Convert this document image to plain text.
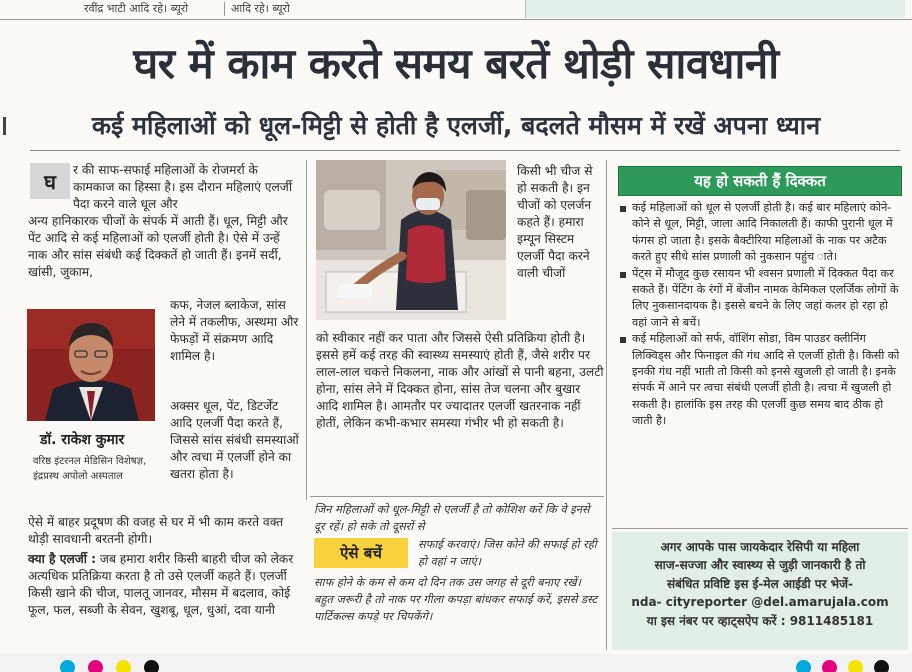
रवींद्र भाटी आदि रहे। ब्यूरो	आदि रहे। ब्यूरो
घर में काम करते समय बरतें थोड़ी सावधानी
कई महिलाओं को धूल-मिट्टी से होती है एलर्जी, बदलते मौसम में रखें अपना ध्यान
घ	र की साफ-सफाई महिलाओं के रोजमर्रा के कामकाज का हिस्सा है। इस दौरान महिलाएं एलर्जी पैदा करने वाले धूल और

अन्य हानिकारक चीजों के संपर्क में आती हैं। धूल, मिट्टी और पेंट आदि से कई महिलाओं को एलर्जी होती है। ऐसे में उन्हें नाक और सांस संबंधी कई दिक्कतें हो जाती हैं। इनमें सर्दी, खांसी, जुकाम,

डॉ. राकेश कुमार

वरिष्ठ इंटरनल मेडिसिन विशेषज्ञ, इंद्रप्रस्थ अपोलो अस्पताल

कफ, नेजल ब्लाकेज, सांस लेने में तकलीफ, अस्थमा और फेफड़ों में संक्रमण आदि शामिल है।

अक्सर धूल, पेंट, डिटर्जेंट आदि एलर्जी पैदा करते हैं, जिससे सांस संबंधी समस्याओं और त्वचा में एलर्जी होने का खतरा होता है।

ऐसे में बाहर प्रदूषण की वजह से घर में भी काम करते वक्त थोड़ी सावधानी बरतनी होगी।

क्या है एलर्जी : जब हमारा शरीर किसी बाहरी चीज को लेकर अत्यधिक प्रतिक्रिया करता है तो उसे एलर्जी कहते हैं। एलर्जी किसी खाने की चीज, पालतू जानवर, मौसम में बदलाव, कोई फूल, फल, सब्जी के सेवन, खुशबू, धूल, धुआं, दवा यानी

किसी भी चीज से हो सकती है। इन चीजों को एलर्जन कहते हैं। हमारा इम्यून सिस्टम एलर्जी पैदा करने वाली चीजों

को स्वीकार नहीं कर पाता और जिससे ऐसी प्रतिक्रिया होती है। इससे हमें कई तरह की स्वास्थ्य समस्याएं होती हैं, जैसे शरीर पर लाल-लाल चकत्ते निकलना, नाक और आंखों से पानी बहना, उलटी होना, सांस लेने में दिक्कत होना, सांस तेज चलना और बुखार आदि शामिल है। आमतौर पर ज्यादातर एलर्जी खतरनाक नहीं होतीं, लेकिन कभी-कभार समस्या गंभीर भी हो सकती है।

जिन महिलाओं को धूल-मिट्टी से एलर्जी है तो कोशिश करें कि वे इनसे दूर रहें। हो सके तो दूसरों से

ऐसे बचें	सफाई करवाएं। जिस कोने की सफाई हो रही हो वहां न जाएं।

साफ होने के कम से कम दो दिन तक उस जगह से दूरी बनाए रखें। बहुत जरूरी है तो नाक पर गीला कपड़ा बांधकर सफाई करें, इससे डस्ट पार्टिकल्स कपड़े पर चिपकेंगे।

यह हो सकती हैं दिक्कत

कई महिलाओं को धूल से एलर्जी होती है। कई बार महिलाएं कोने-कोने से धूल, मिट्टी, जाला आदि निकालती हैं। काफी पुरानी धूल में फंगस हो जाता है। इसके बैक्टीरिया महिलाओं के नाक पर अटैक करते हुए सीधे सांस प्रणाली को नुकसान पहुंच ाते।

पेंट्स में मौजूद कुछ रसायन भी श्वसन प्रणाली में दिक्कत पैदा कर सकते हैं। पेंटिंग के रंगों में बेंजीन नामक केमिकल एलर्जिक लोगों के लिए नुकसानदायक है। इससे बचने के लिए जहां कलर हो रहा हो वहां जाने से बचें।

कई महिलाओं को सर्फ, वॉशिंग सोडा, विम पाउडर क्लीनिंग लिक्विड्स और फिनाइल की गंध आदि से एलर्जी होती है। किसी को इनकी गंध नहीं भाती तो किसी को इनसे खुजली हो जाती है। इनके संपर्क में आने पर त्वचा संबंधी एलर्जी होती है। त्वचा में खुजली हो सकती है। हालांकि इस तरह की एलर्जी कुछ समय बाद ठीक हो जाती है।

अगर आपके पास जायकेदार रेसिपी या महिला
साज-सज्जा और स्वास्थ्य से जुड़ी जानकारी है तो
संबंधित प्रविष्टि इस ई-मेल आईडी पर भेजें-
nda- cityreporter @del.amarujala.com
या इस नंबर पर व्हाट्सऐप करें : 9811485181
